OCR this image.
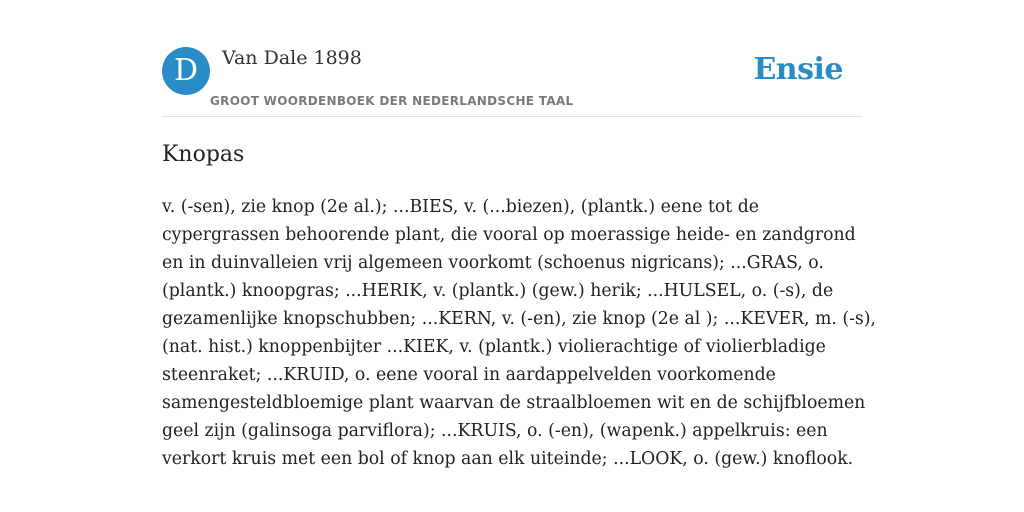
D	Van Dale 1898
GROOT WOORDENBOEK DER NEDERLANDSCHE TAAL
Ensie
Knopas
v. (-sen), zie knop (2e al.); ...BIES, v. (...biezen), (plantk.) eene tot de
cypergrassen behoorende plant, die vooral op moerassige heide- en zandgrond
en in duinvalleien vrij algemeen voorkomt (schoenus nigricans); ...GRAS, o.
(plantk.) knoopgras; ...HERIK, v. (plantk.) (gew.) herik; ...HULSEL, o. (-s), de
gezamenlijke knopschubben; ...KERN, v. (-en), zie knop (2e al ); ...KEVER, m. (-s),
(nat. hist.) knoppenbijter ...KIEK, v. (plantk.) violierachtige of violierbladige
steenraket; ...KRUID, o. eene vooral in aardappelvelden voorkomende
samengesteldbloemige plant waarvan de straalbloemen wit en de schijfbloemen
geel zijn (galinsoga parviflora); ...KRUIS, o. (-en), (wapenk.) appelkruis: een
verkort kruis met een bol of knop aan elk uiteinde; ...LOOK, o. (gew.) knoflook.
